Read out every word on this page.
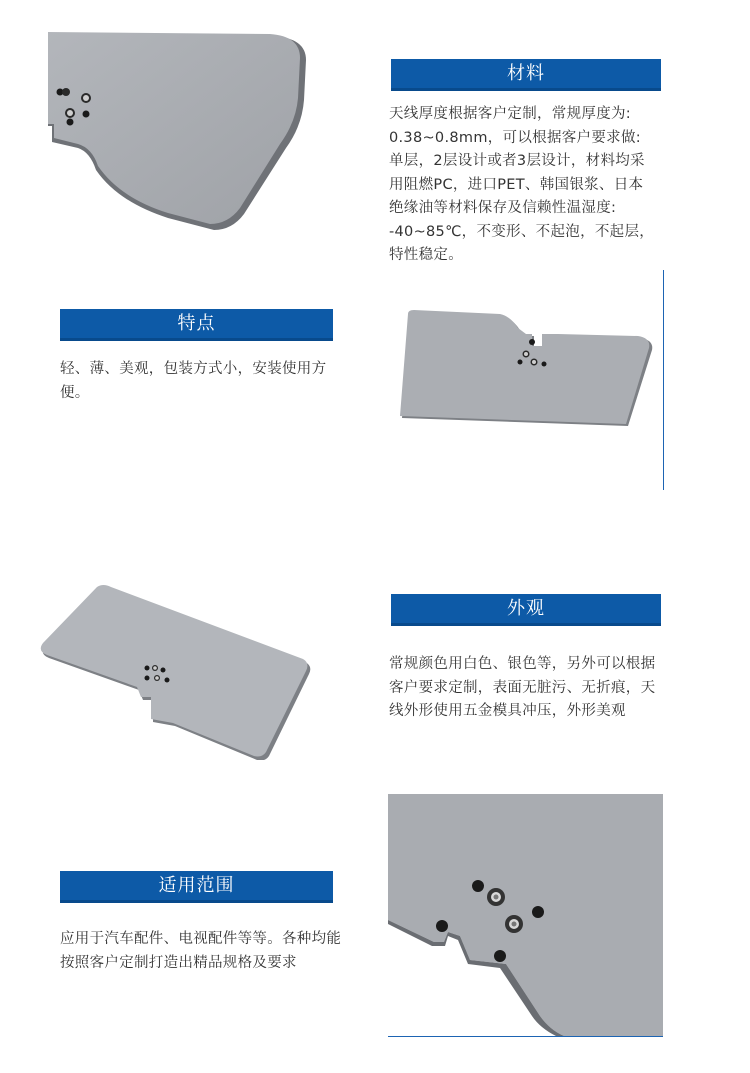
材料
天线厚度根据客户定制，常规厚度为: 0.38~0.8mm，可以根据客户要求做: 单层，2层设计或者3层设计，材料均采用阻燃PC，进口PET、韩国银浆、日本绝缘油等材料保存及信赖性温湿度: -40~85℃，不变形、不起泡，不起层，特性稳定。
特点
轻、薄、美观，包装方式小，安装使用方便。
外观
常规颜色用白色、银色等，另外可以根据客户要求定制，表面无脏污、无折痕，天线外形使用五金模具冲压，外形美观
适用范围
应用于汽车配件、电视配件等等。各种均能按照客户定制打造出精品规格及要求
